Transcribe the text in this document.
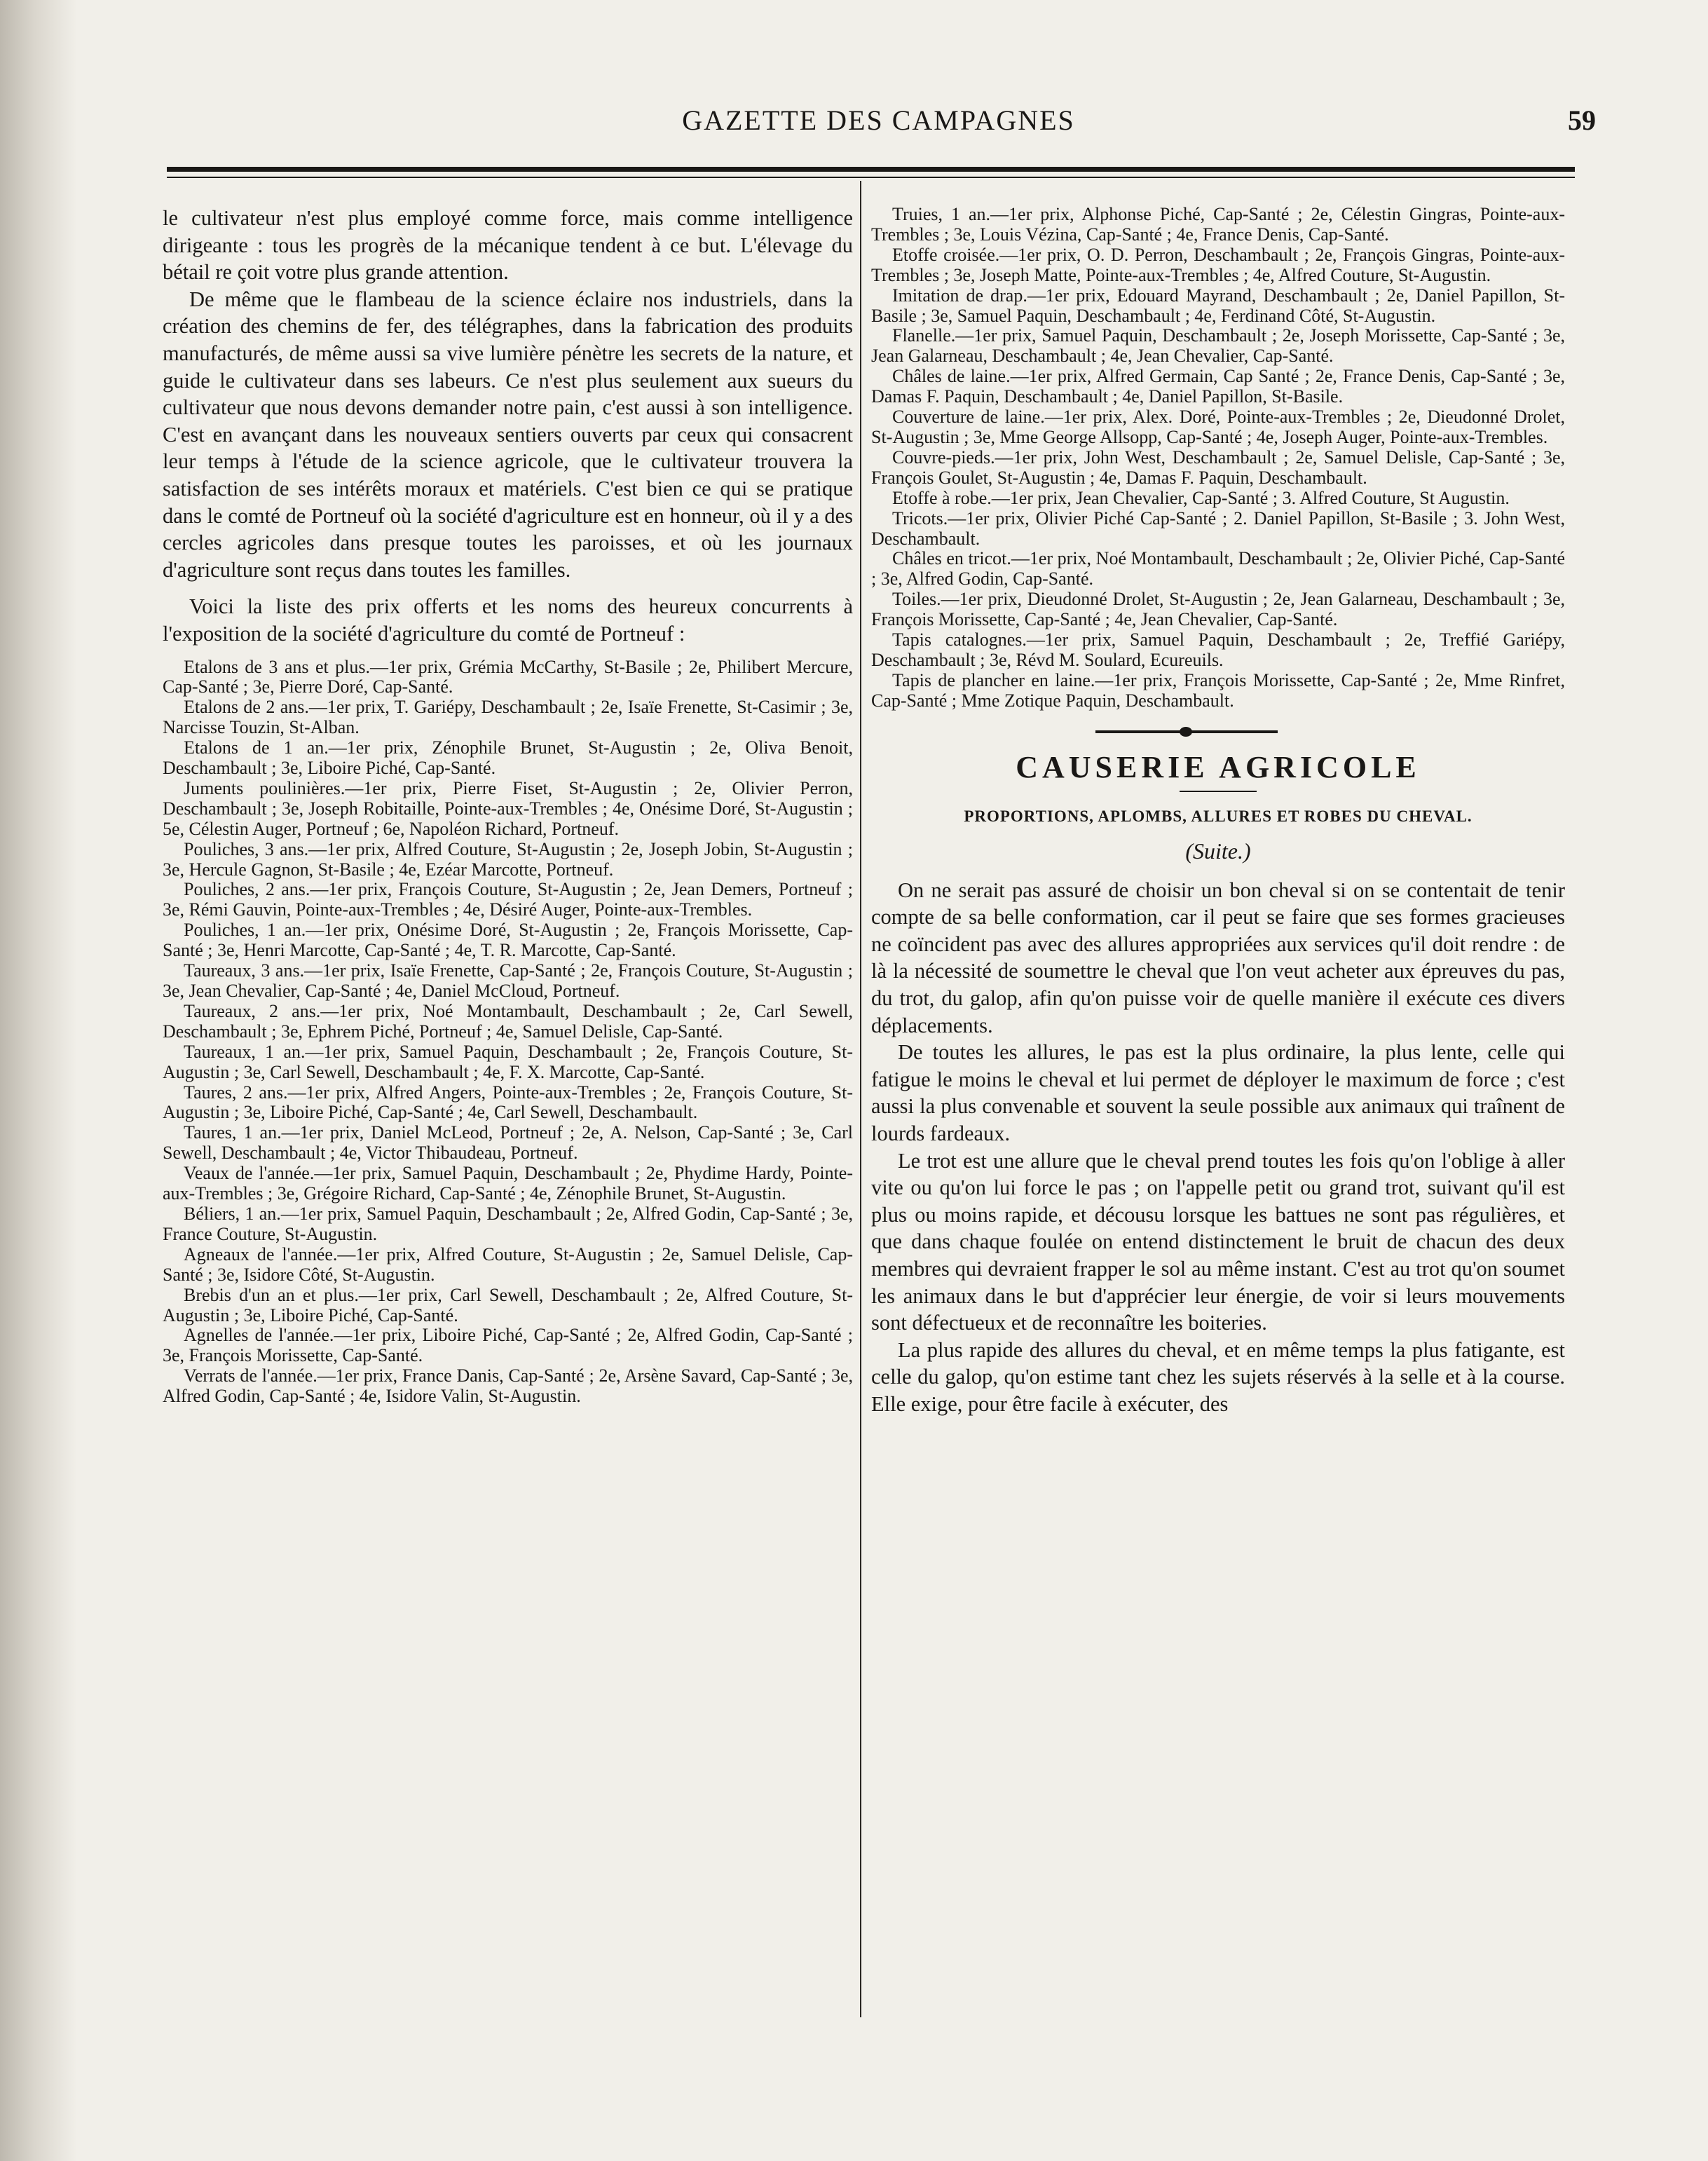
GAZETTE DES CAMPAGNES	59

le cultivateur n'est plus employé comme force, mais comme intelligence dirigeante : tous les progrès de la mécanique tendent à ce but. L'élevage du bétail re çoit votre plus grande attention.

De même que le flambeau de la science éclaire nos industriels, dans la création des chemins de fer, des télégraphes, dans la fabrication des produits manufacturés, de même aussi sa vive lumière pénètre les secrets de la nature, et guide le cultivateur dans ses labeurs. Ce n'est plus seulement aux sueurs du cultivateur que nous devons demander notre pain, c'est aussi à son intelligence. C'est en avançant dans les nouveaux sentiers ouverts par ceux qui consacrent leur temps à l'étude de la science agricole, que le cultivateur trouvera la satisfaction de ses intérêts moraux et matériels. C'est bien ce qui se pratique dans le comté de Portneuf où la société d'agriculture est en honneur, où il y a des cercles agricoles dans presque toutes les paroisses, et où les journaux d'agriculture sont reçus dans toutes les familles.

Voici la liste des prix offerts et les noms des heureux concurrents à l'exposition de la société d'agriculture du comté de Portneuf :

Etalons de 3 ans et plus.—1er prix, Grémia McCarthy, St-Basile ; 2e, Philibert Mercure, Cap-Santé ; 3e, Pierre Doré, Cap-Santé.

Etalons de 2 ans.—1er prix, T. Gariépy, Deschambault ; 2e, Isaïe Frenette, St-Casimir ; 3e, Narcisse Touzin, St-Alban.

Etalons de 1 an.—1er prix, Zénophile Brunet, St-Augustin ; 2e, Oliva Benoit, Deschambault ; 3e, Liboire Piché, Cap-Santé.

Juments poulinières.—1er prix, Pierre Fiset, St-Augustin ; 2e, Olivier Perron, Deschambault ; 3e, Joseph Robitaille, Pointe-aux-Trembles ; 4e, Onésime Doré, St-Augustin ; 5e, Célestin Auger, Portneuf ; 6e, Napoléon Richard, Portneuf.

Pouliches, 3 ans.—1er prix, Alfred Couture, St-Augustin ; 2e, Joseph Jobin, St-Augustin ; 3e, Hercule Gagnon, St-Basile ; 4e, Ezéar Marcotte, Portneuf.

Pouliches, 2 ans.—1er prix, François Couture, St-Augustin ; 2e, Jean Demers, Portneuf ; 3e, Rémi Gauvin, Pointe-aux-Trembles ; 4e, Désiré Auger, Pointe-aux-Trembles.

Pouliches, 1 an.—1er prix, Onésime Doré, St-Augustin ; 2e, François Morissette, Cap-Santé ; 3e, Henri Marcotte, Cap-Santé ; 4e, T. R. Marcotte, Cap-Santé.

Taureaux, 3 ans.—1er prix, Isaïe Frenette, Cap-Santé ; 2e, François Couture, St-Augustin ; 3e, Jean Chevalier, Cap-Santé ; 4e, Daniel McCloud, Portneuf.

Taureaux, 2 ans.—1er prix, Noé Montambault, Deschambault ; 2e, Carl Sewell, Deschambault ; 3e, Ephrem Piché, Portneuf ; 4e, Samuel Delisle, Cap-Santé.

Taureaux, 1 an.—1er prix, Samuel Paquin, Deschambault ; 2e, François Couture, St-Augustin ; 3e, Carl Sewell, Deschambault ; 4e, F. X. Marcotte, Cap-Santé.

Taures, 2 ans.—1er prix, Alfred Angers, Pointe-aux-Trembles ; 2e, François Couture, St-Augustin ; 3e, Liboire Piché, Cap-Santé ; 4e, Carl Sewell, Deschambault.

Taures, 1 an.—1er prix, Daniel McLeod, Portneuf ; 2e, A. Nelson, Cap-Santé ; 3e, Carl Sewell, Deschambault ; 4e, Victor Thibaudeau, Portneuf.

Veaux de l'année.—1er prix, Samuel Paquin, Deschambault ; 2e, Phydime Hardy, Pointe-aux-Trembles ; 3e, Grégoire Richard, Cap-Santé ; 4e, Zénophile Brunet, St-Augustin.

Béliers, 1 an.—1er prix, Samuel Paquin, Deschambault ; 2e, Alfred Godin, Cap-Santé ; 3e, France Couture, St-Augustin.

Agneaux de l'année.—1er prix, Alfred Couture, St-Augustin ; 2e, Samuel Delisle, Cap-Santé ; 3e, Isidore Côté, St-Augustin.

Brebis d'un an et plus.—1er prix, Carl Sewell, Deschambault ; 2e, Alfred Couture, St-Augustin ; 3e, Liboire Piché, Cap-Santé.

Agnelles de l'année.—1er prix, Liboire Piché, Cap-Santé ; 2e, Alfred Godin, Cap-Santé ; 3e, François Morissette, Cap-Santé.

Verrats de l'année.—1er prix, France Danis, Cap-Santé ; 2e, Arsène Savard, Cap-Santé ; 3e, Alfred Godin, Cap-Santé ; 4e, Isidore Valin, St-Augustin.

Truies, 1 an.—1er prix, Alphonse Piché, Cap-Santé ; 2e, Célestin Gingras, Pointe-aux-Trembles ; 3e, Louis Vézina, Cap-Santé ; 4e, France Denis, Cap-Santé.

Etoffe croisée.—1er prix, O. D. Perron, Deschambault ; 2e, François Gingras, Pointe-aux-Trembles ; 3e, Joseph Matte, Pointe-aux-Trembles ; 4e, Alfred Couture, St-Augustin.

Imitation de drap.—1er prix, Edouard Mayrand, Deschambault ; 2e, Daniel Papillon, St-Basile ; 3e, Samuel Paquin, Deschambault ; 4e, Ferdinand Côté, St-Augustin.

Flanelle.—1er prix, Samuel Paquin, Deschambault ; 2e, Joseph Morissette, Cap-Santé ; 3e, Jean Galarneau, Deschambault ; 4e, Jean Chevalier, Cap-Santé.

Châles de laine.—1er prix, Alfred Germain, Cap Santé ; 2e, France Denis, Cap-Santé ; 3e, Damas F. Paquin, Deschambault ; 4e, Daniel Papillon, St-Basile.

Couverture de laine.—1er prix, Alex. Doré, Pointe-aux-Trembles ; 2e, Dieudonné Drolet, St-Augustin ; 3e, Mme George Allsopp, Cap-Santé ; 4e, Joseph Auger, Pointe-aux-Trembles.

Couvre-pieds.—1er prix, John West, Deschambault ; 2e, Samuel Delisle, Cap-Santé ; 3e, François Goulet, St-Augustin ; 4e, Damas F. Paquin, Deschambault.

Etoffe à robe.—1er prix, Jean Chevalier, Cap-Santé ; 3. Alfred Couture, St Augustin.

Tricots.—1er prix, Olivier Piché Cap-Santé ; 2. Daniel Papillon, St-Basile ; 3. John West, Deschambault.

Châles en tricot.—1er prix, Noé Montambault, Deschambault ; 2e, Olivier Piché, Cap-Santé ; 3e, Alfred Godin, Cap-Santé.

Toiles.—1er prix, Dieudonné Drolet, St-Augustin ; 2e, Jean Galarneau, Deschambault ; 3e, François Morissette, Cap-Santé ; 4e, Jean Chevalier, Cap-Santé.

Tapis catalognes.—1er prix, Samuel Paquin, Deschambault ; 2e, Treffié Gariépy, Deschambault ; 3e, Révd M. Soulard, Ecureuils.

Tapis de plancher en laine.—1er prix, François Morissette, Cap-Santé ; 2e, Mme Rinfret, Cap-Santé ; Mme Zotique Paquin, Deschambault.

CAUSERIE AGRICOLE
PROPORTIONS, APLOMBS, ALLURES ET ROBES DU CHEVAL.
(Suite.)

On ne serait pas assuré de choisir un bon cheval si on se contentait de tenir compte de sa belle conformation, car il peut se faire que ses formes gracieuses ne coïncident pas avec des allures appropriées aux services qu'il doit rendre : de là la nécessité de soumettre le cheval que l'on veut acheter aux épreuves du pas, du trot, du galop, afin qu'on puisse voir de quelle manière il exécute ces divers déplacements.

De toutes les allures, le pas est la plus ordinaire, la plus lente, celle qui fatigue le moins le cheval et lui permet de déployer le maximum de force ; c'est aussi la plus convenable et souvent la seule possible aux animaux qui traînent de lourds fardeaux.

Le trot est une allure que le cheval prend toutes les fois qu'on l'oblige à aller vite ou qu'on lui force le pas ; on l'appelle petit ou grand trot, suivant qu'il est plus ou moins rapide, et décousu lorsque les battues ne sont pas régulières, et que dans chaque foulée on entend distinctement le bruit de chacun des deux membres qui devraient frapper le sol au même instant. C'est au trot qu'on soumet les animaux dans le but d'apprécier leur énergie, de voir si leurs mouvements sont défectueux et de reconnaître les boiteries.

La plus rapide des allures du cheval, et en même temps la plus fatigante, est celle du galop, qu'on estime tant chez les sujets réservés à la selle et à la course. Elle exige, pour être facile à exécuter, des
